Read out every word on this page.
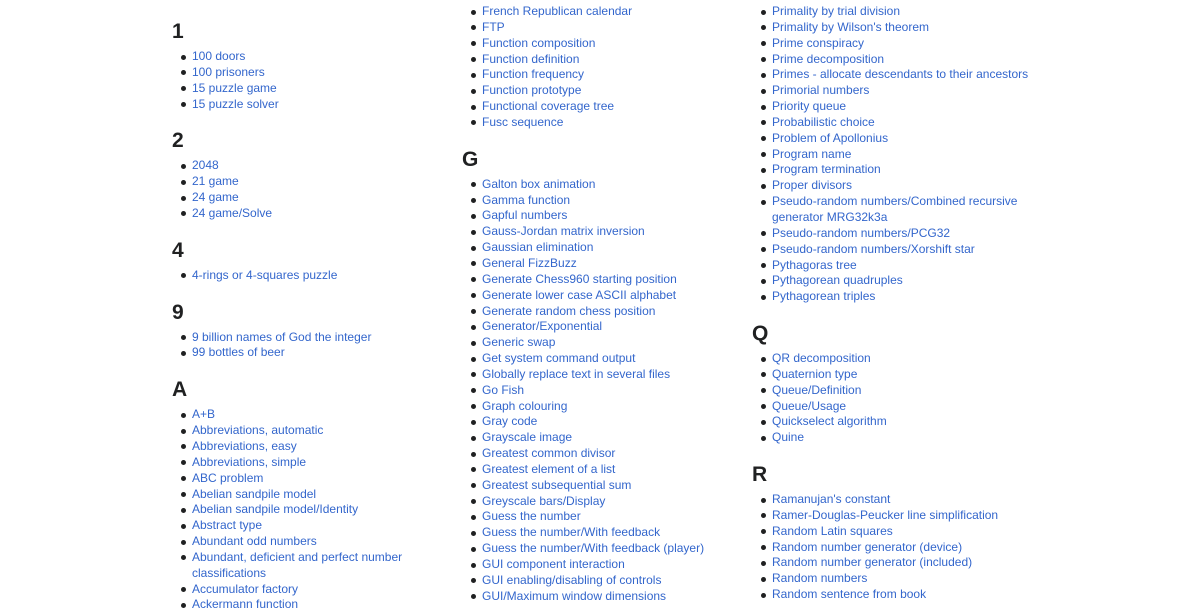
1
100 doors
100 prisoners
15 puzzle game
15 puzzle solver
2
2048
21 game
24 game
24 game/Solve
4
4-rings or 4-squares puzzle
9
9 billion names of God the integer
99 bottles of beer
A
A+B
Abbreviations, automatic
Abbreviations, easy
Abbreviations, simple
ABC problem
Abelian sandpile model
Abelian sandpile model/Identity
Abstract type
Abundant odd numbers
Abundant, deficient and perfect number classifications
Accumulator factory
Ackermann function
French Republican calendar
FTP
Function composition
Function definition
Function frequency
Function prototype
Functional coverage tree
Fusc sequence
G
Galton box animation
Gamma function
Gapful numbers
Gauss-Jordan matrix inversion
Gaussian elimination
General FizzBuzz
Generate Chess960 starting position
Generate lower case ASCII alphabet
Generate random chess position
Generator/Exponential
Generic swap
Get system command output
Globally replace text in several files
Go Fish
Graph colouring
Gray code
Grayscale image
Greatest common divisor
Greatest element of a list
Greatest subsequential sum
Greyscale bars/Display
Guess the number
Guess the number/With feedback
Guess the number/With feedback (player)
GUI component interaction
GUI enabling/disabling of controls
GUI/Maximum window dimensions
Primality by trial division
Primality by Wilson's theorem
Prime conspiracy
Prime decomposition
Primes - allocate descendants to their ancestors
Primorial numbers
Priority queue
Probabilistic choice
Problem of Apollonius
Program name
Program termination
Proper divisors
Pseudo-random numbers/Combined recursive generator MRG32k3a
Pseudo-random numbers/PCG32
Pseudo-random numbers/Xorshift star
Pythagoras tree
Pythagorean quadruples
Pythagorean triples
Q
QR decomposition
Quaternion type
Queue/Definition
Queue/Usage
Quickselect algorithm
Quine
R
Ramanujan's constant
Ramer-Douglas-Peucker line simplification
Random Latin squares
Random number generator (device)
Random number generator (included)
Random numbers
Random sentence from book
